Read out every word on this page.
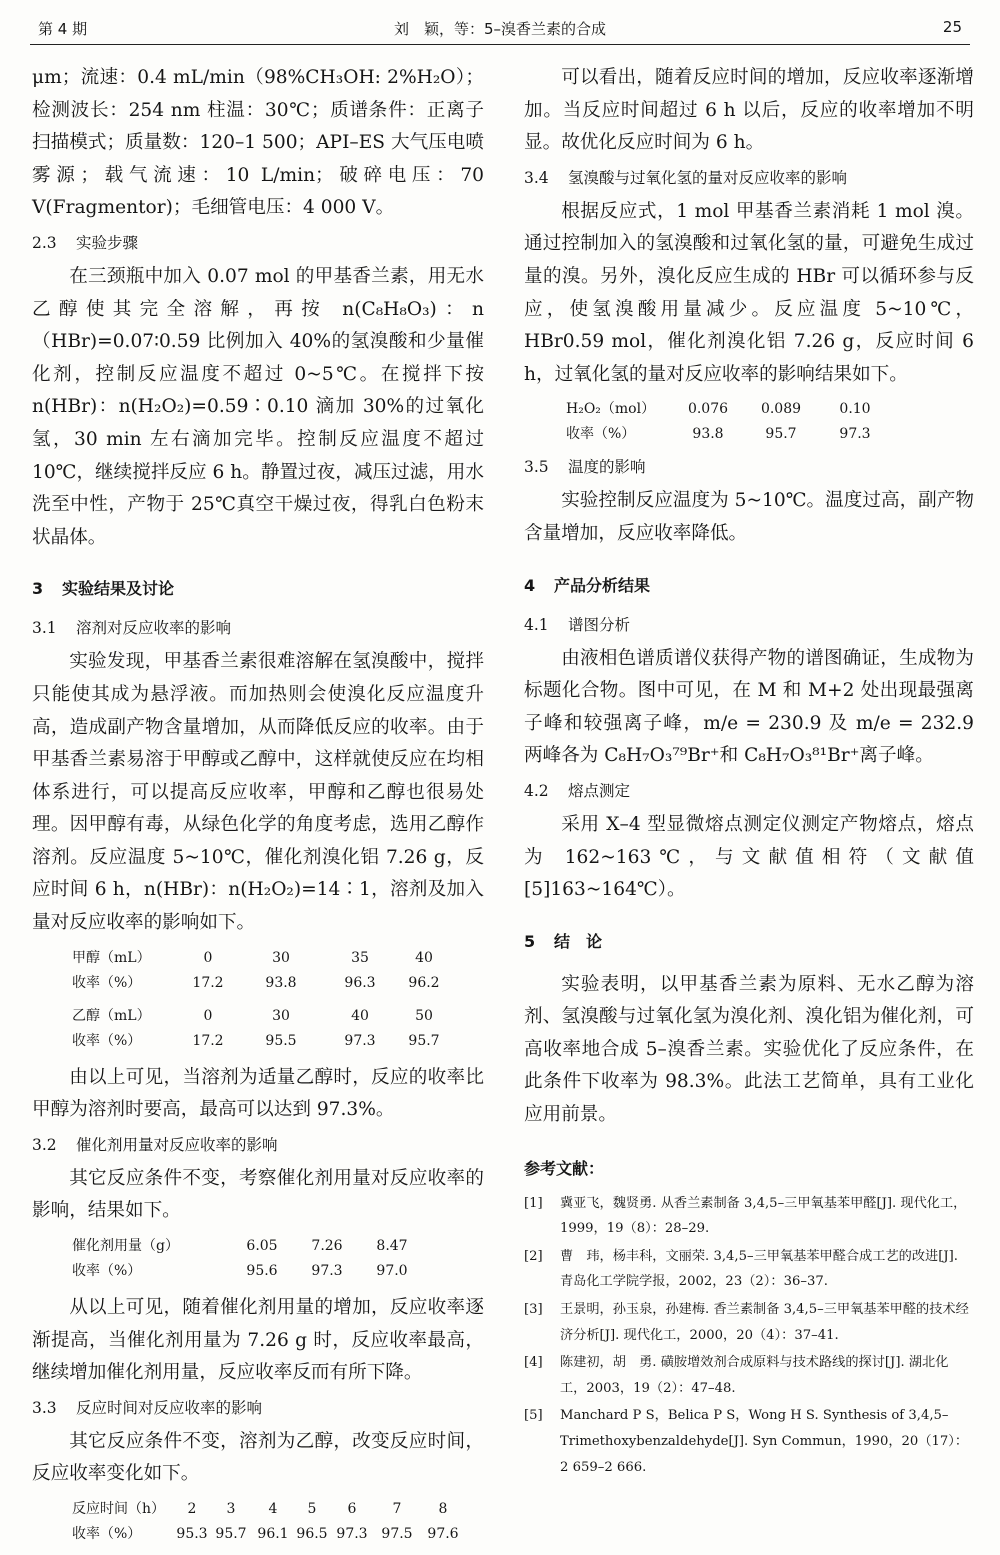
第 4 期	刘　颖，等：5–溴香兰素的合成	25

μm；流速：0.4 mL/min（98%CH₃OH: 2%H₂O）；检测波长：254 nm 柱温：30℃；质谱条件：正离子扫描模式；质量数：120–1 500；API–ES 大气压电喷雾源；载气流速：10 L/min；破碎电压：70 V(Fragmentor)；毛细管电压：4 000 V。

2.3 实验步骤

在三颈瓶中加入 0.07 mol 的甲基香兰素，用无水乙醇使其完全溶解，再按 n(C₈H₈O₃)：n（HBr)=0.07∶0.59 比例加入 40%的氢溴酸和少量催化剂，控制反应温度不超过 0~5℃。在搅拌下按n(HBr)：n(H₂O₂)=0.59∶0.10 滴加 30%的过氧化氢，30 min 左右滴加完毕。控制反应温度不超过 10℃，继续搅拌反应 6 h。静置过夜，减压过滤，用水洗至中性，产物于 25℃真空干燥过夜，得乳白色粉末状晶体。

3 实验结果及讨论
3.1 溶剂对反应收率的影响

实验发现，甲基香兰素很难溶解在氢溴酸中，搅拌只能使其成为悬浮液。而加热则会使溴化反应温度升高，造成副产物含量增加，从而降低反应的收率。由于甲基香兰素易溶于甲醇或乙醇中，这样就使反应在均相体系进行，可以提高反应收率，甲醇和乙醇也很易处理。因甲醇有毒，从绿色化学的角度考虑，选用乙醇作溶剂。反应温度 5~10℃，催化剂溴化铝 7.26 g，反应时间 6 h，n(HBr)：n(H₂O₂)=14∶1，溶剂及加入量对反应收率的影响如下。

甲醇（mL）	0	30	35	40
收率（%）	17.2	93.8	96.3	96.2
乙醇（mL）	0	30	40	50
收率（%）	17.2	95.5	97.3	95.7

由以上可见，当溶剂为适量乙醇时，反应的收率比甲醇为溶剂时要高，最高可以达到 97.3%。

3.2 催化剂用量对反应收率的影响

其它反应条件不变，考察催化剂用量对反应收率的影响，结果如下。

催化剂用量（g）	6.05	7.26	8.47
收率（%）	95.6	97.3	97.0

从以上可见，随着催化剂用量的增加，反应收率逐渐提高，当催化剂用量为 7.26 g 时，反应收率最高，继续增加催化剂用量，反应收率反而有所下降。

3.3 反应时间对反应收率的影响

其它反应条件不变，溶剂为乙醇，改变反应时间，反应收率变化如下。

反应时间（h）	2	3	4	5	6	7	8
收率（%）	95.3	95.7	96.1	96.5	97.3	97.5	97.6

可以看出，随着反应时间的增加，反应收率逐渐增加。当反应时间超过 6 h 以后，反应的收率增加不明显。故优化反应时间为 6 h。

3.4 氢溴酸与过氧化氢的量对反应收率的影响

根据反应式，1 mol 甲基香兰素消耗 1 mol 溴。通过控制加入的氢溴酸和过氧化氢的量，可避免生成过量的溴。另外，溴化反应生成的 HBr 可以循环参与反应，使氢溴酸用量减少。反应温度 5~10℃，HBr0.59 mol，催化剂溴化铝 7.26 g，反应时间 6 h，过氧化氢的量对反应收率的影响结果如下。

H₂O₂（mol）	0.076	0.089	0.10
收率（%）	93.8	95.7	97.3
3.5 温度的影响

实验控制反应温度为 5~10℃。温度过高，副产物含量增加，反应收率降低。

4 产品分析结果
4.1 谱图分析

由液相色谱质谱仪获得产物的谱图确证，生成物为标题化合物。图中可见，在 M 和 M+2 处出现最强离子峰和较强离子峰，m/e = 230.9 及 m/e = 232.9 两峰各为 C₈H₇O₃⁷⁹Br⁺和 C₈H₇O₃⁸¹Br⁺离子峰。

4.2 熔点测定

采用 X–4 型显微熔点测定仪测定产物熔点，熔点为 162~163℃，与文献值相符（文献值[5]163~164℃）。

5 结　论

实验表明，以甲基香兰素为原料、无水乙醇为溶剂、氢溴酸与过氧化氢为溴化剂、溴化铝为催化剂，可高收率地合成 5–溴香兰素。实验优化了反应条件，在此条件下收率为 98.3%。此法工艺简单，具有工业化应用前景。

参考文献：
[1]	冀亚飞，魏贤勇. 从香兰素制备 3,4,5–三甲氧基苯甲醛[J]. 现代化工，1999，19（8）：28–29.
[2]	曹　玮，杨丰科，文丽荣. 3,4,5–三甲氧基苯甲醛合成工艺的改进[J]. 青岛化工学院学报，2002，23（2）：36–37.
[3]	王景明，孙玉泉，孙建梅. 香兰素制备 3,4,5–三甲氧基苯甲醛的技术经济分析[J]. 现代化工，2000，20（4）：37–41.
[4]	陈建初，胡　勇. 磺胺增效剂合成原料与技术路线的探讨[J]. 湖北化工，2003，19（2）：47–48.
[5]	Manchard P S，Belica P S，Wong H S. Synthesis of 3,4,5–Trimethoxybenzaldehyde[J]. Syn Commun，1990，20（17）：2 659–2 666.
